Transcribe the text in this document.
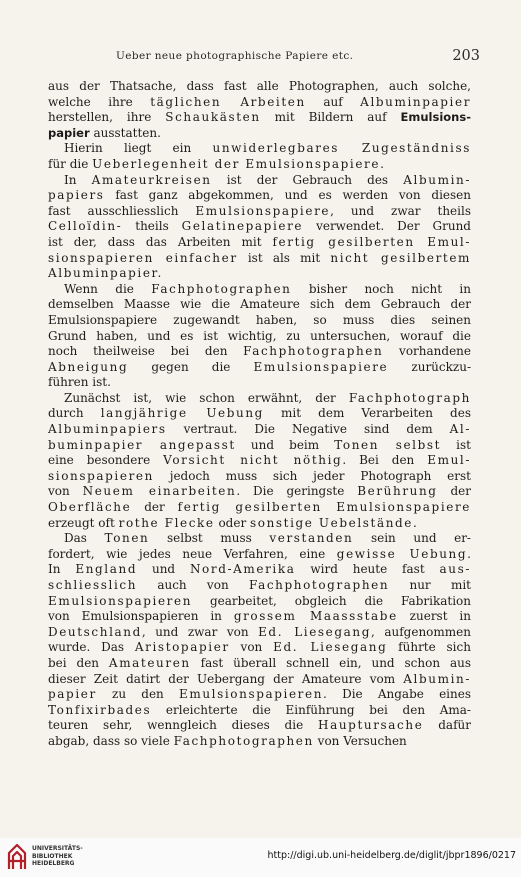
Ueber neue photographische Papiere etc.	203
aus der Thatsache, dass fast alle Photographen, auch solche,
welche ihre täglichen Arbeiten auf Albuminpapier
herstellen, ihre Schaukästen mit Bildern auf Emulsions-
papier ausstatten.
Hierin liegt ein unwiderlegbares Zugeständniss
für die Ueberlegenheit der Emulsionspapiere.
In Amateurkreisen ist der Gebrauch des Albumin-
papiers fast ganz abgekommen, und es werden von diesen
fast ausschliesslich Emulsionspapiere, und zwar theils
Celloïdin- theils Gelatinepapiere verwendet. Der Grund
ist der, dass das Arbeiten mit fertig gesilberten Emul-
sionspapieren einfacher ist als mit nicht gesilbertem
Albuminpapier.
Wenn die Fachphotographen bisher noch nicht in
demselben Maasse wie die Amateure sich dem Gebrauch der
Emulsionspapiere zugewandt haben, so muss dies seinen
Grund haben, und es ist wichtig, zu untersuchen, worauf die
noch theilweise bei den Fachphotographen vorhandene
Abneigung gegen die Emulsionspapiere zurückzu-
führen ist.
Zunächst ist, wie schon erwähnt, der Fachphotograph
durch langjährige Uebung mit dem Verarbeiten des
Albuminpapiers vertraut. Die Negative sind dem Al-
buminpapier angepasst und beim Tonen selbst ist
eine besondere Vorsicht nicht nöthig. Bei den Emul-
sionspapieren jedoch muss sich jeder Photograph erst
von Neuem einarbeiten. Die geringste Berührung der
Oberfläche der fertig gesilberten Emulsionspapiere
erzeugt oft rothe Flecke oder sonstige Uebelstände.
Das Tonen selbst muss verstanden sein und er-
fordert, wie jedes neue Verfahren, eine gewisse Uebung.
In England und Nord-Amerika wird heute fast aus-
schliesslich auch von Fachphotographen nur mit
Emulsionspapieren gearbeitet, obgleich die Fabrikation
von Emulsionspapieren in grossem Maassstabe zuerst in
Deutschland, und zwar von Ed. Liesegang, aufgenommen
wurde. Das Aristopapier von Ed. Liesegang führte sich
bei den Amateuren fast überall schnell ein, und schon aus
dieser Zeit datirt der Uebergang der Amateure vom Albumin-
papier zu den Emulsionspapieren. Die Angabe eines
Tonfixirbades erleichterte die Einführung bei den Ama-
teuren sehr, wenngleich dieses die Hauptursache dafür
abgab, dass so viele Fachphotographen von Versuchen
UNIVERSITÄTS-
BIBLIOTHEK
HEIDELBERG
http://digi.ub.uni-heidelberg.de/diglit/jbpr1896/0217
